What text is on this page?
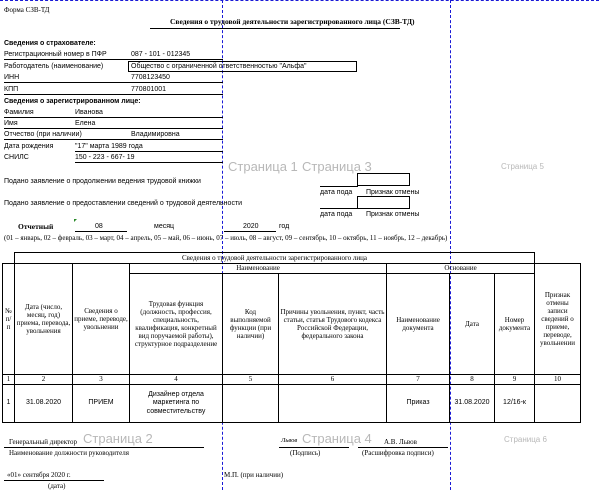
Страница 1 Страница 3	Страница 5
Страница 2	Страница 4	Страница 6
Форма СЗВ-ТД
Сведения о трудовой деятельности зарегистрированного лица (СЗВ-ТД)
Сведения о страхователе:
Регистрационный номер в ПФР	087 - 101 - 012345
Работодатель (наименование)	Общество с ограниченной ответственностью "Альфа"
ИНН	7708123450
КПП	770801001
Сведения о зарегистрированном лице:
Фамилия	Иванова
Имя	Елена
Отчество (при наличии)	Владимировна
Дата рождения	"17" марта 1989 года
СНИЛС	150 - 223 - 667- 19
Подано заявление о продолжении ведения трудовой книжки
дата пода Признак отмены
Подано заявление о предоставлении сведений о трудовой деятельности
дата пода Признак отмены
Отчетный	08	месяц	2020	год
(01 – январь, 02 – февраль, 03 – март, 04 – апрель, 05 – май, 06 – июнь, 07 – июль, 08 – август, 09 – сентябрь, 10 – октябрь, 11 – ноябрь, 12 – декабрь)
	Сведения о трудовой деятельности зарегистрированного лица								
№ п/п	Дата (число, месяц, год) приема, перевода, увольнения	Сведения о приеме, переводе, увольнении	Наименование			Основание			Признак отмены записи сведений о приеме, переводе, увольнении
			Трудовая функция (должность, профессия, специальность, квалификация, конкретный вид поручаемой работы), структурное подразделение	Код выполняемой функции (при наличии)	Причины увольнения, пункт, часть статьи, статья Трудового кодекса Российской Федерации, федерального закона	Наименование документа	Дата	Номер документа	
1	2	3	4	5	6	7	8	9	10
1	31.08.2020	ПРИЕМ	Дизайнер отдела маркетинга по совместительству			Приказ	31.08.2020	12/16-к	
Генеральный директор
Наименование должности руководителя
Львов
(Подпись)
А.В. Львов
(Расшифровка подписи)
«01» сентября 2020 г.
(дата)
М.П. (при наличии)
